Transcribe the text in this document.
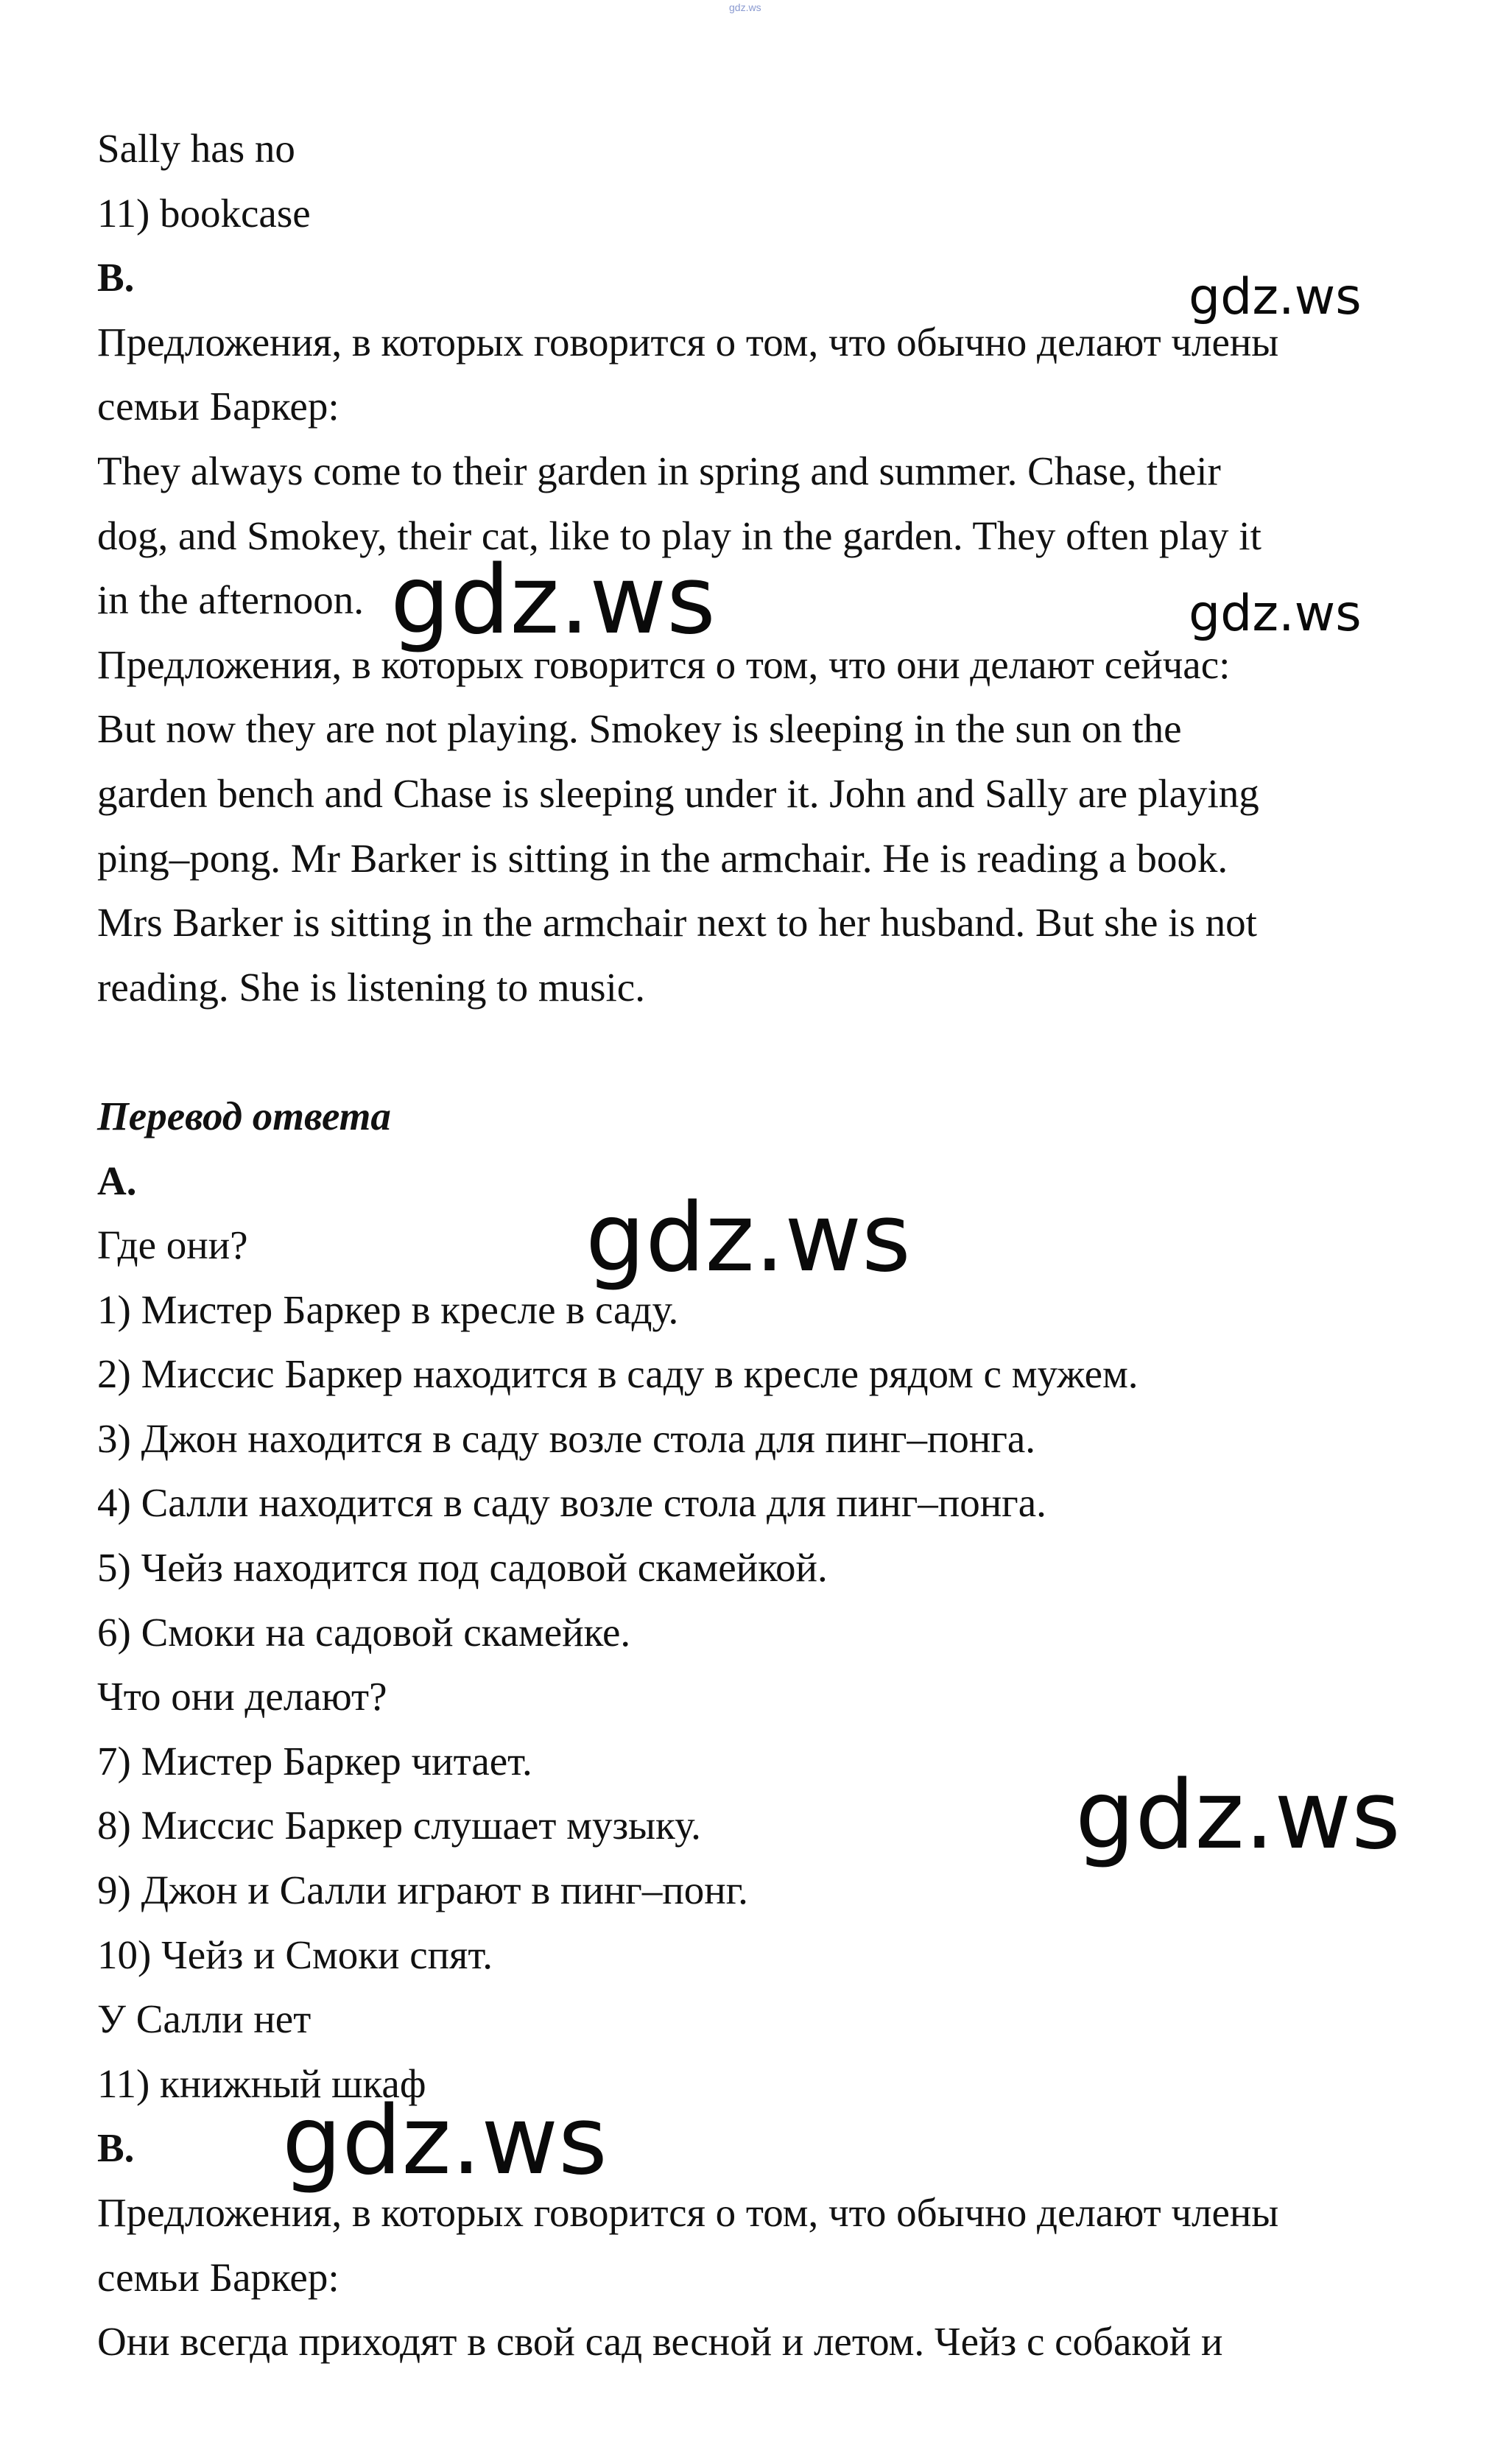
gdz.ws
Sally has no
11) bookcase
B.
Предложения, в которых говорится о том, что обычно делают члены
семьи Баркер:
They always come to their garden in spring and summer. Chase, their
dog, and Smokey, their cat, like to play in the garden. They often play it
in the afternoon.
Предложения, в которых говорится о том, что они делают сейчас:
But now they are not playing. Smokey is sleeping in the sun on the
garden bench and Chase is sleeping under it. John and Sally are playing
ping–pong. Mr Barker is sitting in the armchair. He is reading a book.
Mrs Barker is sitting in the armchair next to her husband. But she is not
reading. She is listening to music.
Перевод ответа
A.
Где они?
1) Мистер Баркер в кресле в саду.
2) Миссис Баркер находится в саду в кресле рядом с мужем.
3) Джон находится в саду возле стола для пинг–понга.
4) Салли находится в саду возле стола для пинг–понга.
5) Чейз находится под садовой скамейкой.
6) Смоки на садовой скамейке.
Что они делают?
7) Мистер Баркер читает.
8) Миссис Баркер слушает музыку.
9) Джон и Салли играют в пинг–понг.
10) Чейз и Смоки спят.
У Салли нет
11) книжный шкаф
B.
Предложения, в которых говорится о том, что обычно делают члены
семьи Баркер:
Они всегда приходят в свой сад весной и летом. Чейз с собакой и
gdz.ws
gdz.ws	gdz.ws
gdz.ws
gdz.ws
gdz.ws
